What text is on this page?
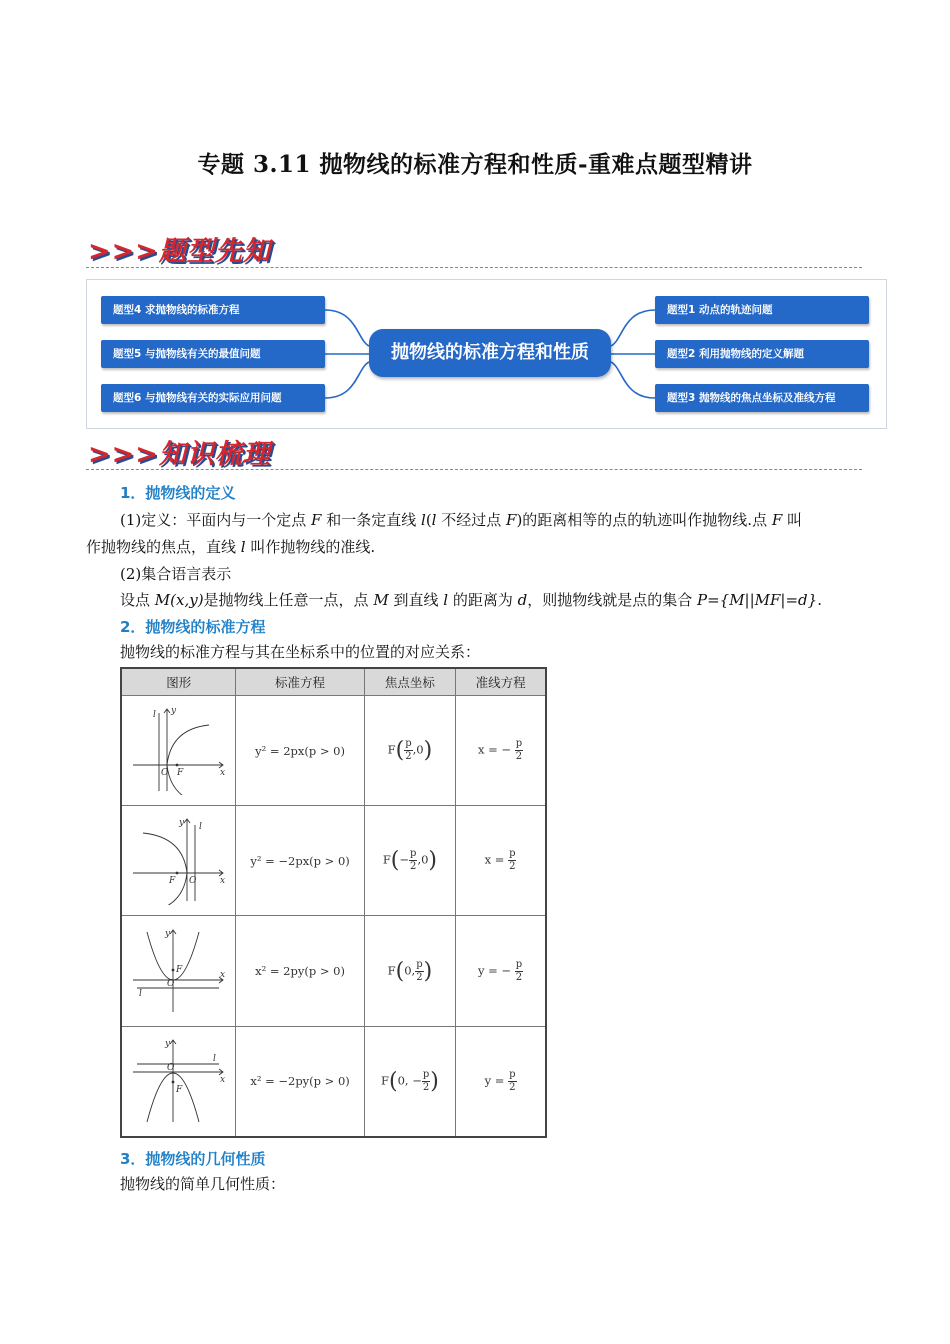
专题 3.11 抛物线的标准方程和性质-重难点题型精讲
>>>题型先知
题型4 求抛物线的标准方程
题型5 与抛物线有关的最值问题
题型6 与抛物线有关的实际应用问题
抛物线的标准方程和性质
题型1 动点的轨迹问题
题型2 利用抛物线的定义解题
题型3 抛物线的焦点坐标及准线方程
>>>知识梳理
1．抛物线的定义
(1)定义：平面内与一个定点 F 和一条定直线 l(l 不经过点 F)的距离相等的点的轨迹叫作抛物线.点 F 叫
作抛物线的焦点，直线 l 叫作抛物线的准线.
(2)集合语言表示
设点 M(x,y)是抛物线上任意一点，点 M 到直线 l 的距离为 d，则抛物线就是点的集合 P={M||MF|=d}.
2．抛物线的标准方程
抛物线的标准方程与其在坐标系中的位置的对应关系：
图形	标准方程	焦点坐标	准线方程

l y
x
O F	y² = 2px(p > 0)	$F( \frac{p}{2} ,0)$	x = − $\frac{p}{2}$

y l
x
O
F	y² = −2px(p > 0)	$F(- \frac{p}{2} ,0)$	$x = \frac{p}{2}$

y
F x
O
l	x² = 2py(p > 0)	F(0, $\frac{p}{2}$ )	y = − $\frac{p}{2}$

y
l
O
x
F	x² = −2py(p > 0)	F(0, − $\frac{p}{2}$ )	$y = \frac{p}{2}$
3．抛物线的几何性质
抛物线的简单几何性质：
